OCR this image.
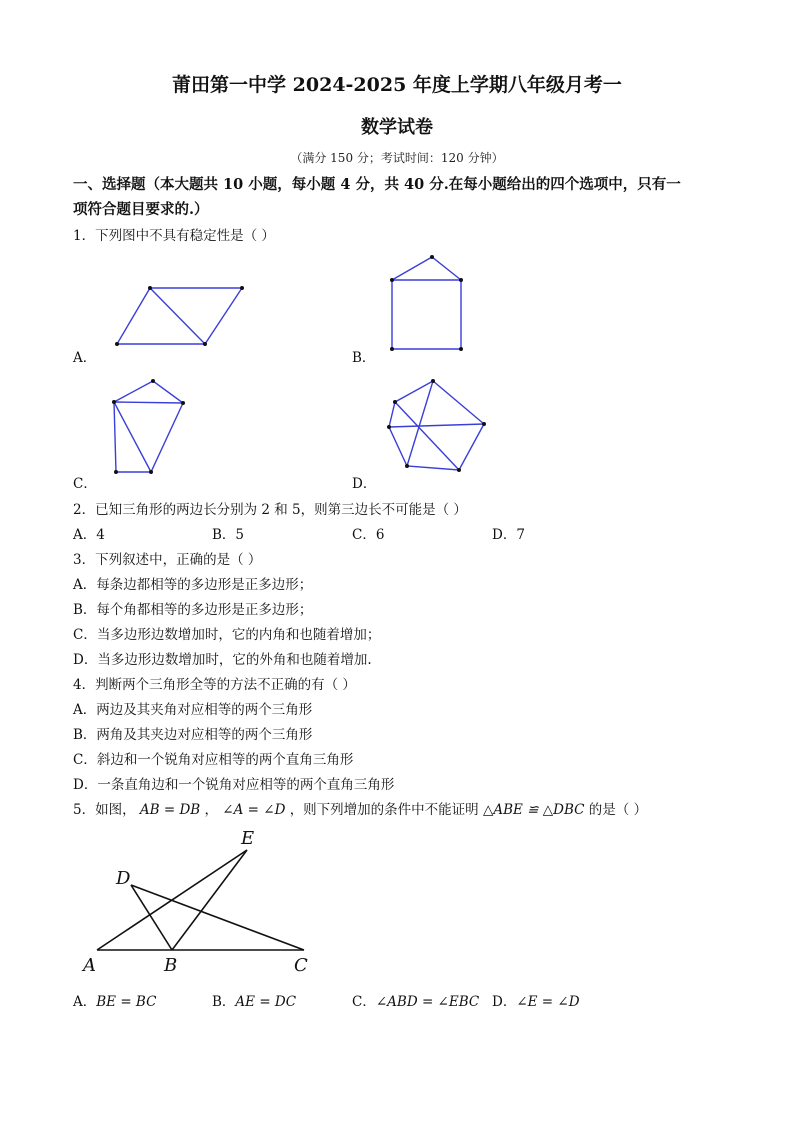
莆田第一中学 2024-2025 年度上学期八年级月考一
数学试卷
（满分 150 分；考试时间：120 分钟）
一、选择题（本大题共 10 小题，每小题 4 分，共 40 分.在每小题给出的四个选项中，只有一
项符合题目要求的.）
1．下列图中不具有稳定性是（ ）
A．	B．
C．	D．
2．已知三角形的两边长分别为 2 和 5，则第三边长不可能是（ ）
A．4	B．5	C．6	D．7
3．下列叙述中，正确的是（ ）
A．每条边都相等的多边形是正多边形；
B．每个角都相等的多边形是正多边形；
C．当多边形边数增加时，它的内角和也随着增加；
D．当多边形边数增加时，它的外角和也随着增加.
4．判断两个三角形全等的方法不正确的有（ ）
A．两边及其夹角对应相等的两个三角形
B．两角及其夹边对应相等的两个三角形
C．斜边和一个锐角对应相等的两个直角三角形
D．一条直角边和一个锐角对应相等的两个直角三角形
5．如图， AB = DB ， ∠A = ∠D ，则下列增加的条件中不能证明 △ABE ≌ △DBC 的是（ ）
A	B	C
D
E
A．BE = BC	B．AE = DC	C．∠ABD = ∠EBC D．∠E = ∠D
